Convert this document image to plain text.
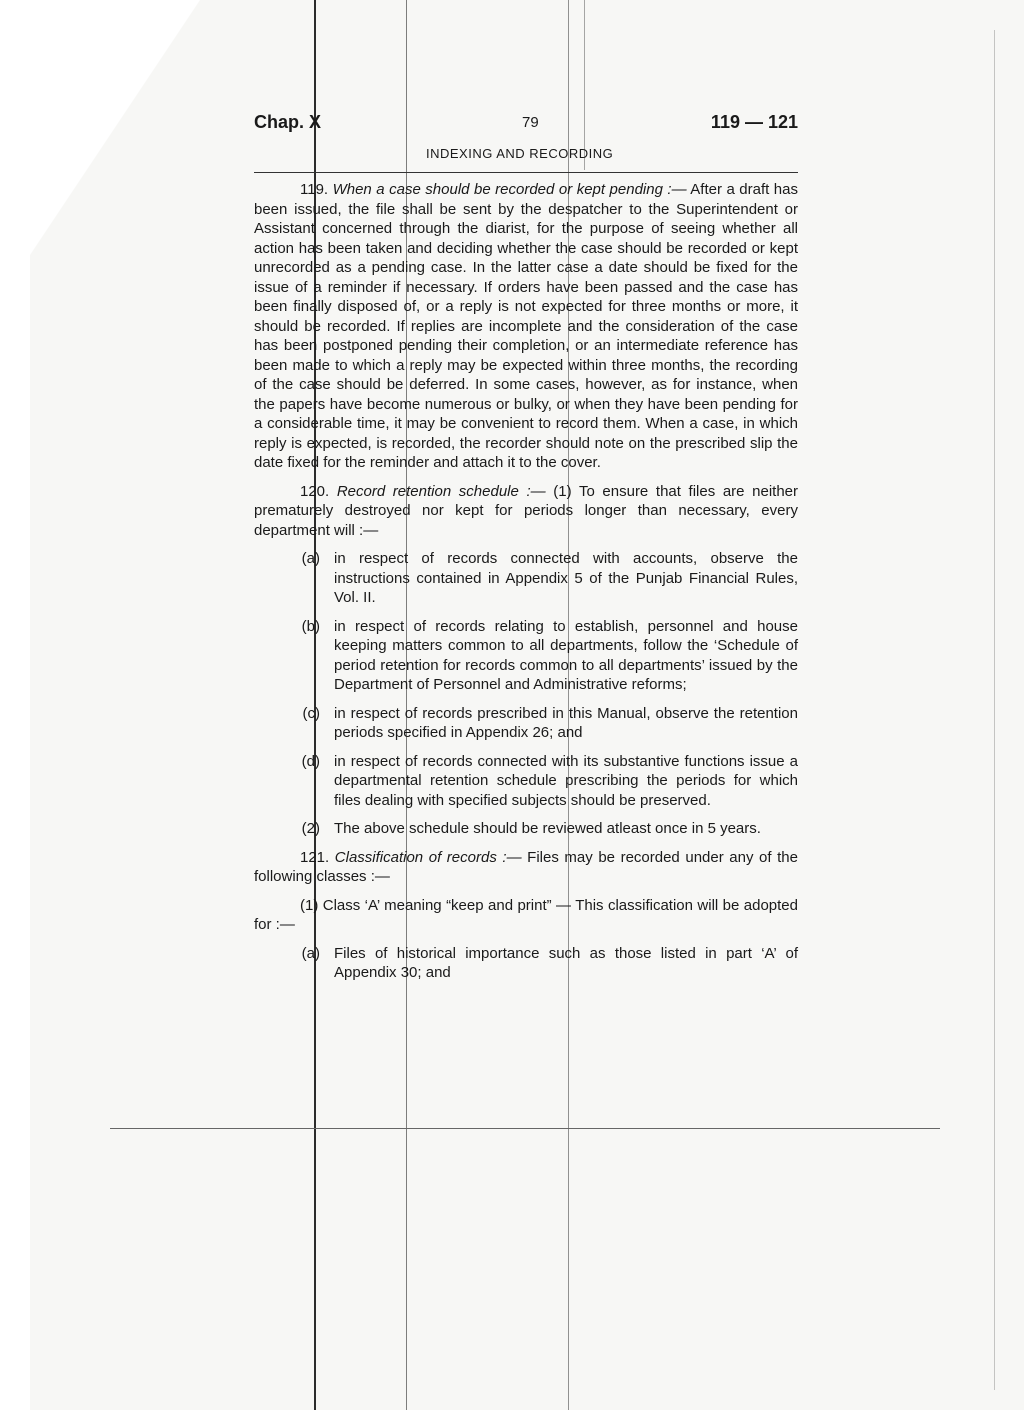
Chap. X	79	119 — 121
INDEXING AND RECORDING

119. When a case should be recorded or kept pending :— After a draft has been issued, the file shall be sent by the despatcher to the Superintendent or Assistant concerned through the diarist, for the purpose of seeing whether all action has been taken and deciding whether the case should be recorded or kept unrecorded as a pending case. In the latter case a date should be fixed for the issue of a reminder if necessary. If orders have been passed and the case has been finally disposed of, or a reply is not expected for three months or more, it should be recorded. If replies are incomplete and the consideration of the case has been postponed pending their completion, or an intermediate reference has been made to which a reply may be expected within three months, the recording of the case should be deferred. In some cases, however, as for instance, when the papers have become numerous or bulky, or when they have been pending for a considerable time, it may be convenient to record them. When a case, in which reply is expected, is recorded, the recorder should note on the prescribed slip the date fixed for the reminder and attach it to the cover.

120. Record retention schedule :— (1) To ensure that files are neither prematurely destroyed nor kept for periods longer than necessary, every department will :—

(a) in respect of records connected with accounts, observe the instructions contained in Appendix 5 of the Punjab Financial Rules, Vol. II.
(b) in respect of records relating to establish, personnel and house keeping matters common to all departments, follow the ‘Schedule of period retention for records common to all departments’ issued by the Department of Personnel and Administrative reforms;
(c) in respect of records prescribed in this Manual, observe the retention periods specified in Appendix 26; and
(d) in respect of records connected with its substantive functions issue a departmental retention schedule prescribing the periods for which files dealing with specified subjects should be preserved.
(2) The above schedule should be reviewed atleast once in 5 years.

121. Classification of records :— Files may be recorded under any of the following classes :—

(1) Class ‘A’ meaning “keep and print” — This classification will be adopted for :—

(a) Files of historical importance such as those listed in part ‘A’ of Appendix 30; and
